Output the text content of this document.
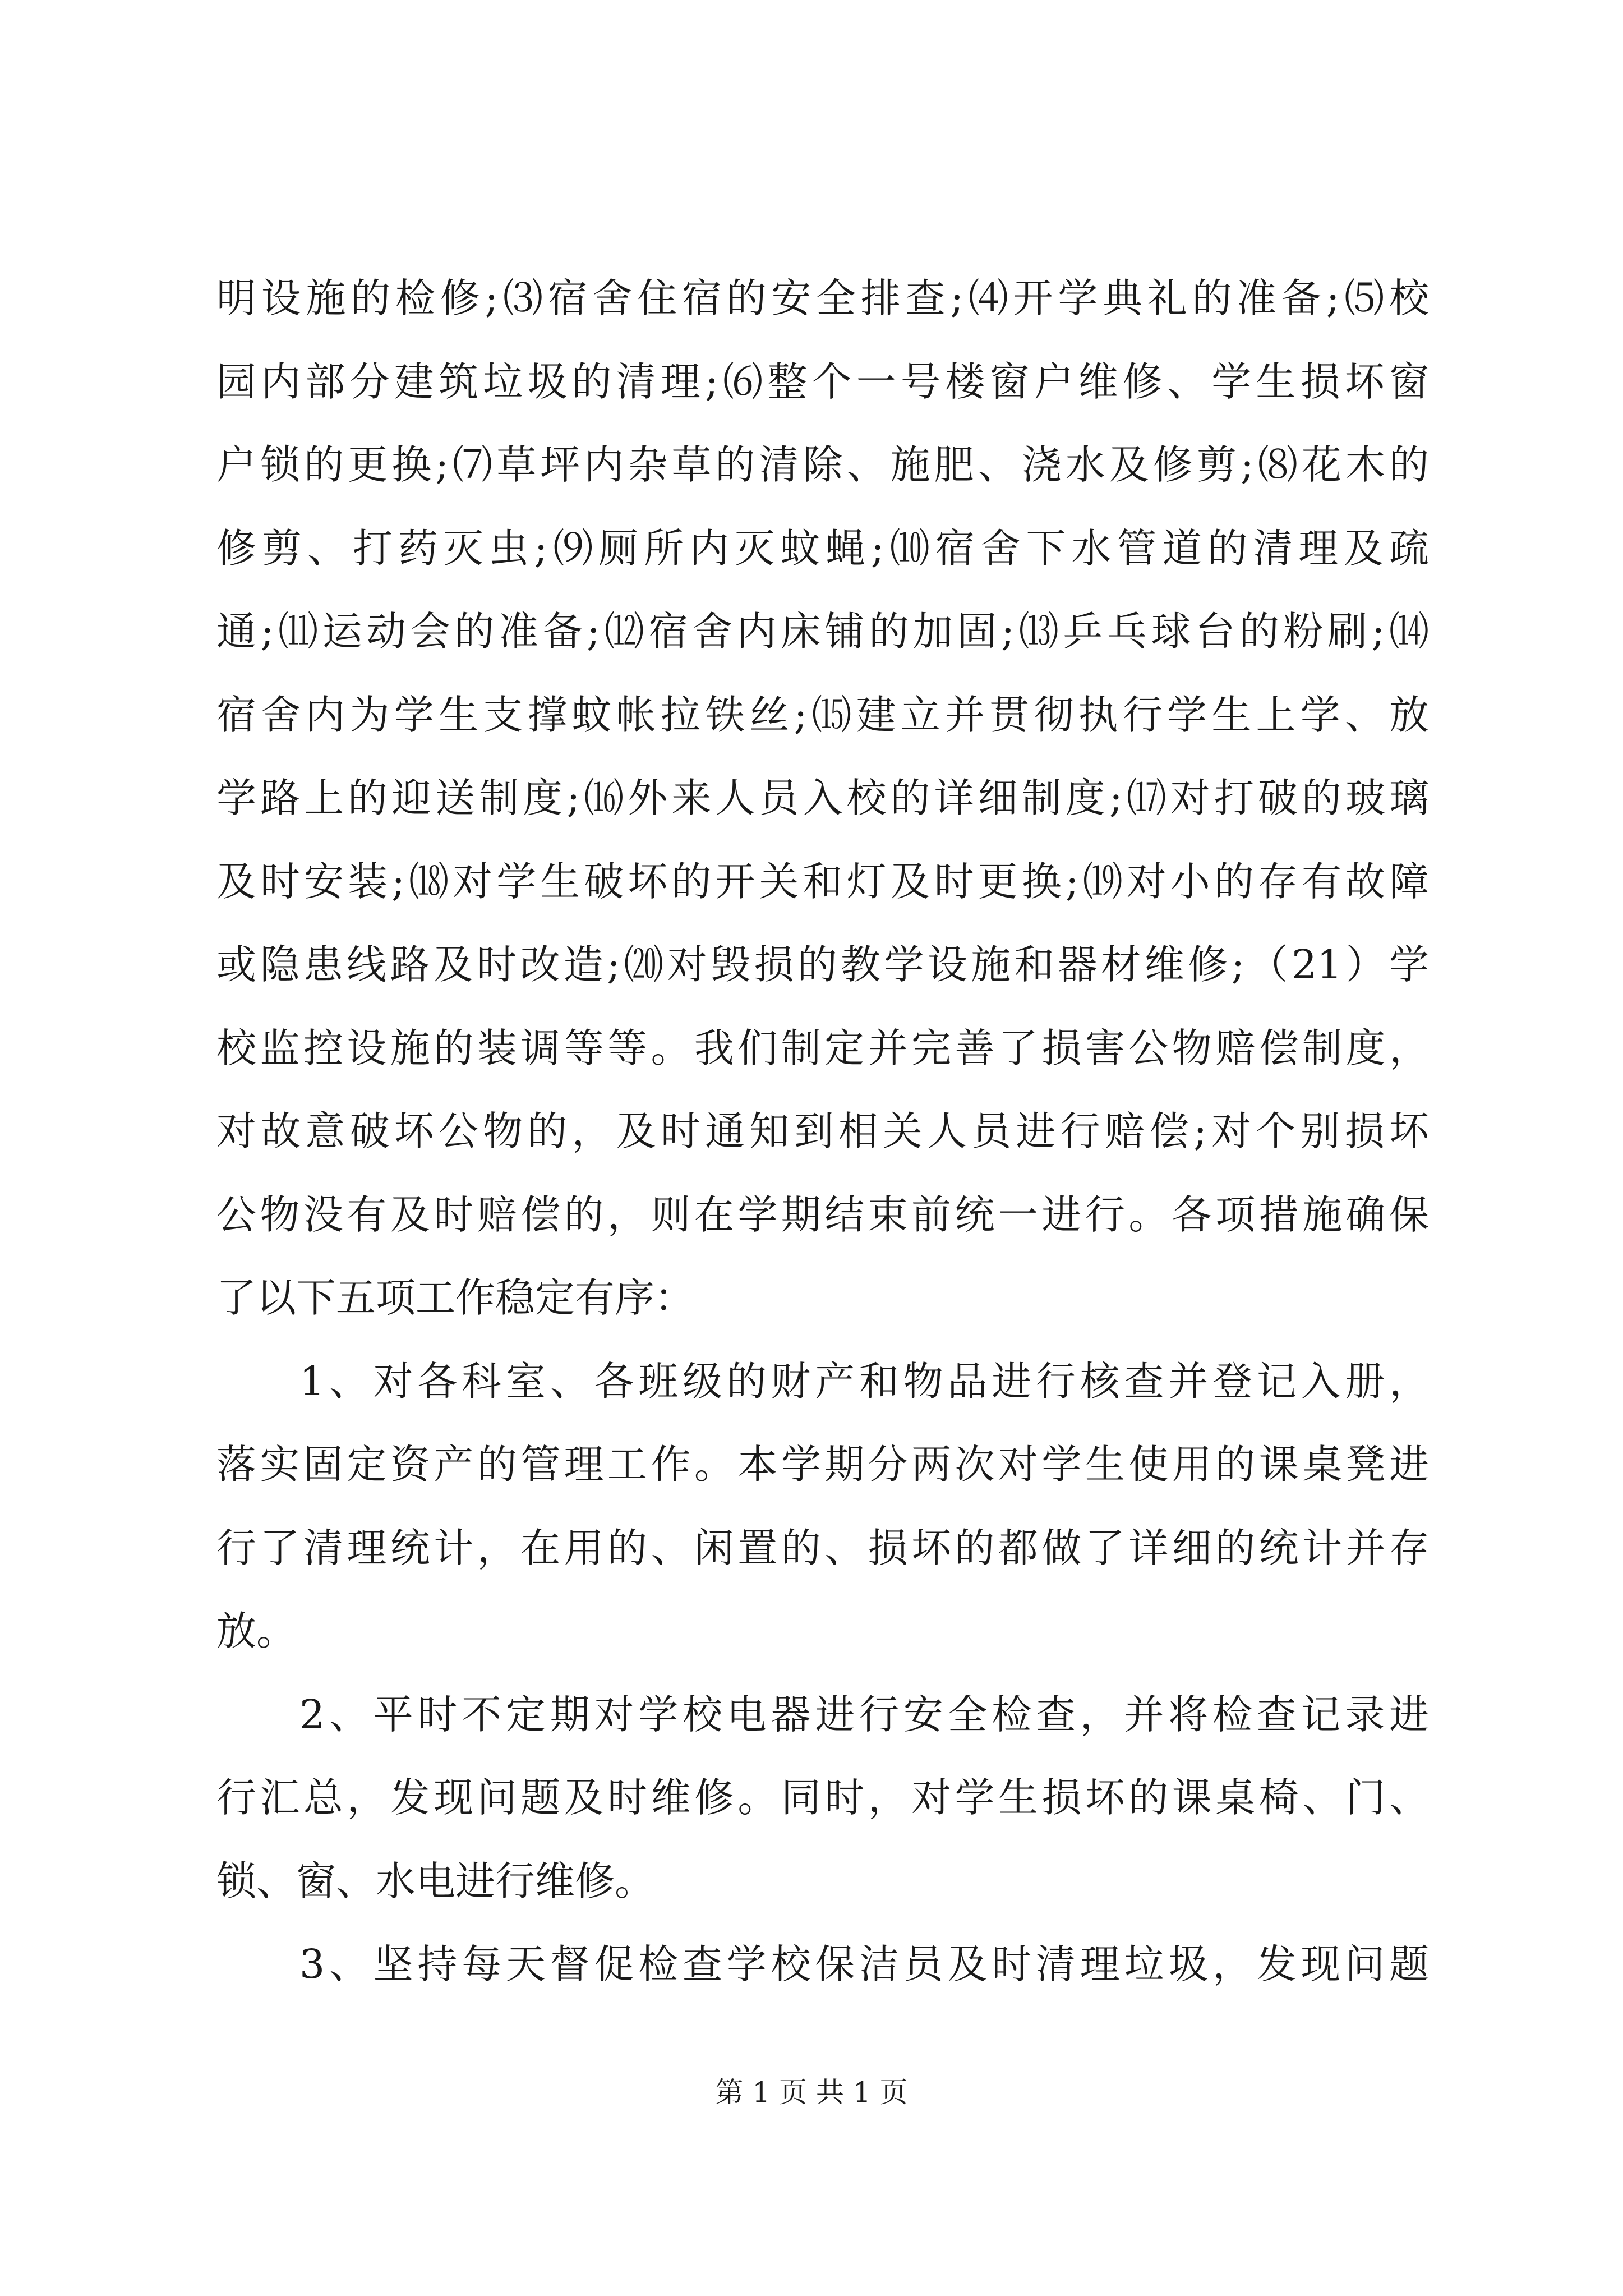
明设施的检修;⑶宿舍住宿的安全排查;⑷开学典礼的准备;⑸校
园内部分建筑垃圾的清理;⑹整个一号楼窗户维修、学生损坏窗
户锁的更换;⑺草坪内杂草的清除、施肥、浇水及修剪;⑻花木的
修剪、打药灭虫;⑼厕所内灭蚊蝇;⑽宿舍下水管道的清理及疏
通;⑾运动会的准备;⑿宿舍内床铺的加固;⒀乒乓球台的粉刷;⒁
宿舍内为学生支撑蚊帐拉铁丝;⒂建立并贯彻执行学生上学、放
学路上的迎送制度;⒃外来人员入校的详细制度;⒄对打破的玻璃
及时安装;⒅对学生破坏的开关和灯及时更换;⒆对小的存有故障
或隐患线路及时改造;⒇对毁损的教学设施和器材维修;（21）学
校监控设施的装调等等。我们制定并完善了损害公物赔偿制度，
对故意破坏公物的，及时通知到相关人员进行赔偿;对个别损坏
公物没有及时赔偿的，则在学期结束前统一进行。各项措施确保
了以下五项工作稳定有序：
1、对各科室、各班级的财产和物品进行核查并登记入册，
落实固定资产的管理工作。本学期分两次对学生使用的课桌凳进
行了清理统计，在用的、闲置的、损坏的都做了详细的统计并存
放。
2、平时不定期对学校电器进行安全检查，并将检查记录进
行汇总，发现问题及时维修。同时，对学生损坏的课桌椅、门、
锁、窗、水电进行维修。
3、坚持每天督促检查学校保洁员及时清理垃圾，发现问题
第 1 页 共 1 页
